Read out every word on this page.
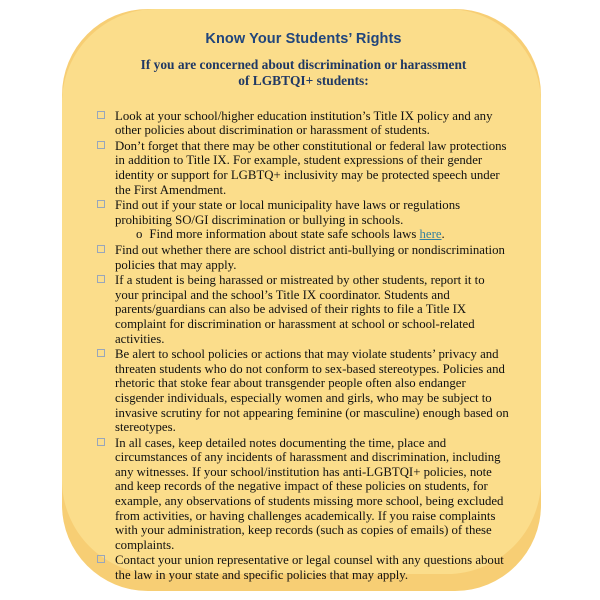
Know Your Students’ Rights
If you are concerned about discrimination or harassment
of LGBTQI+ students:
Look at your school/higher education institution’s Title IX policy and any other policies about discrimination or harassment of students.
Don’t forget that there may be other constitutional or federal law protections in addition to Title IX. For example, student expressions of their gender identity or support for LGBTQ+ inclusivity may be protected speech under the First Amendment.
Find out if your state or local municipality have laws or regulations prohibiting SO/GI discrimination or bullying in schools.
o Find more information about state safe schools laws here.
Find out whether there are school district anti-bullying or nondiscrimination policies that may apply.
If a student is being harassed or mistreated by other students, report it to your principal and the school’s Title IX coordinator. Students and parents/guardians can also be advised of their rights to file a Title IX complaint for discrimination or harassment at school or school-related activities.
Be alert to school policies or actions that may violate students’ privacy and threaten students who do not conform to sex-based stereotypes. Policies and rhetoric that stoke fear about transgender people often also endanger cisgender individuals, especially women and girls, who may be subject to invasive scrutiny for not appearing feminine (or masculine) enough based on stereotypes.
In all cases, keep detailed notes documenting the time, place and circumstances of any incidents of harassment and discrimination, including any witnesses. If your school/institution has anti-LGBTQI+ policies, note and keep records of the negative impact of these policies on students, for example, any observations of students missing more school, being excluded from activities, or having challenges academically. If you raise complaints with your administration, keep records (such as copies of emails) of these complaints.
Contact your union representative or legal counsel with any questions about the law in your state and specific policies that may apply.
